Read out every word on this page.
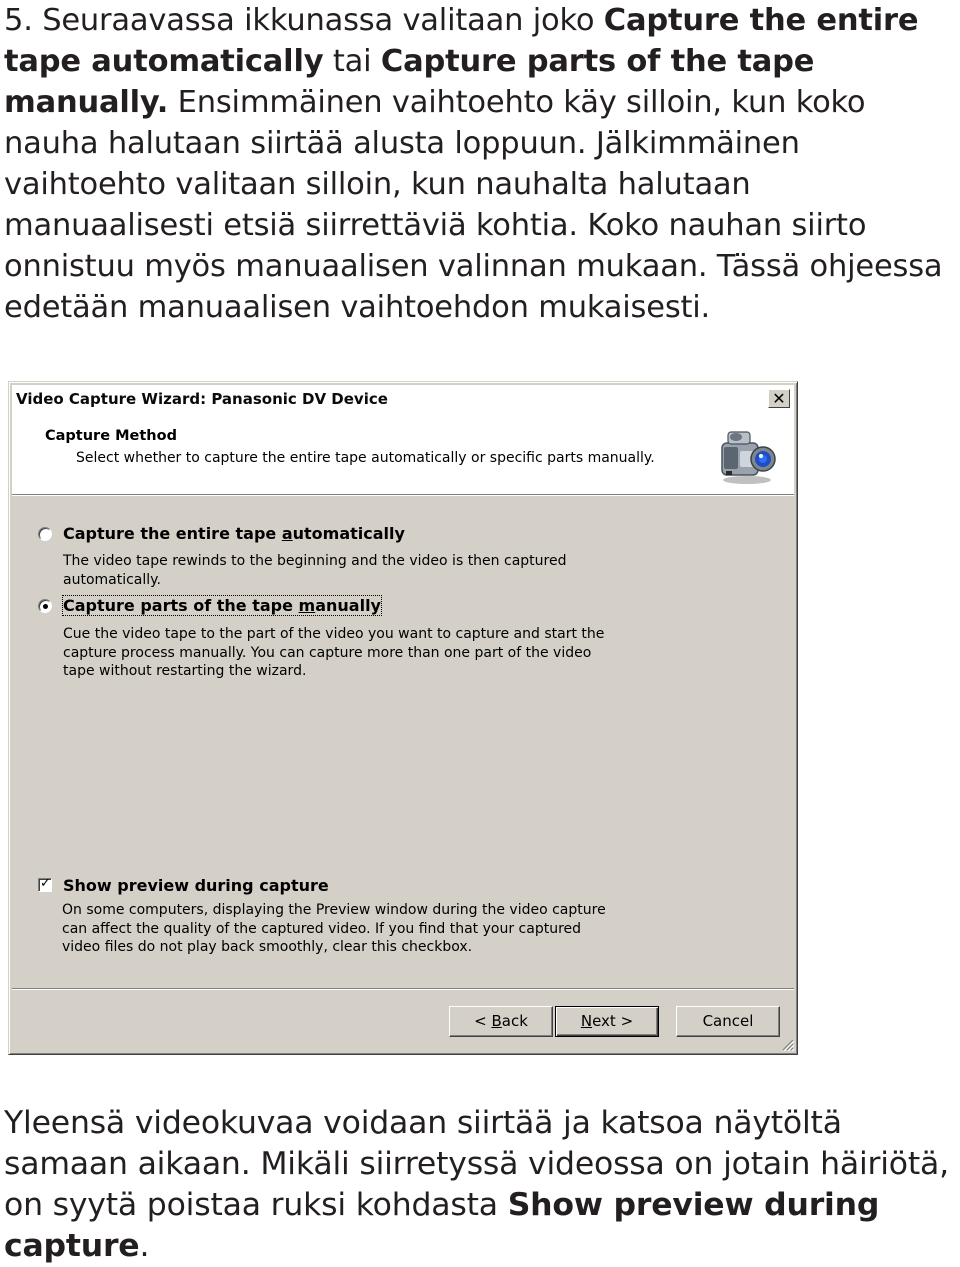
5. Seuraavassa ikkunassa valitaan joko Capture the entire tape automatically tai Capture parts of the tape manually. Ensimmäinen vaihtoehto käy silloin, kun koko nauha halutaan siirtää alusta loppuun. Jälkimmäinen vaihtoehto valitaan silloin, kun nauhalta halutaan manuaalisesti etsiä siirrettäviä kohtia. Koko nauhan siirto onnistuu myös manuaalisen valinnan mukaan. Tässä ohjeessa edetään manuaalisen vaihtoehdon mukaisesti.
Video Capture Wizard: Panasonic DV Device	✕
Capture Method
Select whether to capture the entire tape automatically or specific parts manually.
Capture the entire tape automatically
The video tape rewinds to the beginning and the video is then captured automatically.
Capture parts of the tape manually
Cue the video tape to the part of the video you want to capture and start the capture process manually. You can capture more than one part of the video tape without restarting the wizard.
✓ Show preview during capture
On some computers, displaying the Preview window during the video capture can affect the quality of the captured video. If you find that your captured video files do not play back smoothly, clear this checkbox.
< Back	Next >	Cancel
Yleensä videokuvaa voidaan siirtää ja katsoa näytöltä samaan aikaan. Mikäli siirretyssä videossa on jotain häiriötä, on syytä poistaa ruksi kohdasta Show preview during capture.
